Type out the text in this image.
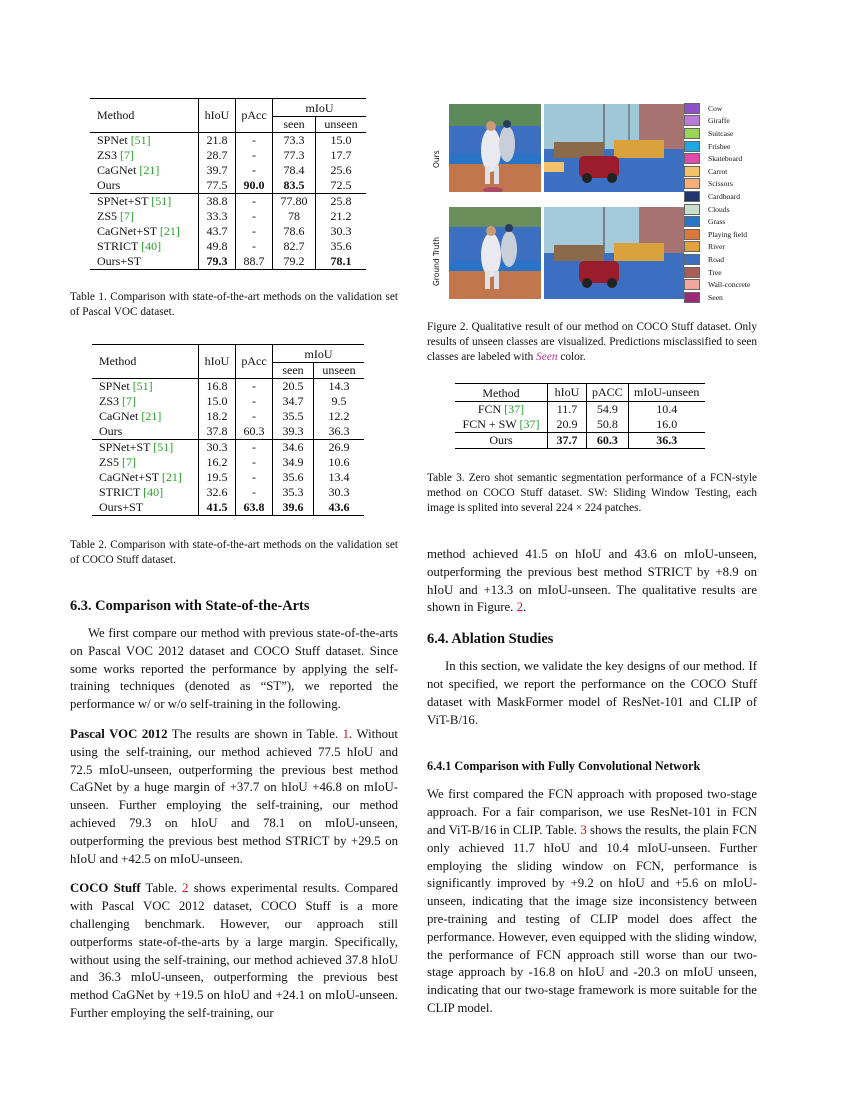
Method	hIoU	pAcc	mIoU	
			seen	unseen
SPNet [51]	21.8	-	73.3	15.0
ZS3 [7]	28.7	-	77.3	17.7
CaGNet [21]	39.7	-	78.4	25.6
Ours	77.5	90.0	83.5	72.5
SPNet+ST [51]	38.8	-	77.80	25.8
ZS5 [7]	33.3	-	78	21.2
CaGNet+ST [21]	43.7	-	78.6	30.3
STRICT [40]	49.8	-	82.7	35.6
Ours+ST	79.3	88.7	79.2	78.1
Table 1. Comparison with state-of-the-art methods on the validation set of Pascal VOC dataset.
Method	hIoU	pAcc	mIoU	
			seen	unseen
SPNet [51]	16.8	-	20.5	14.3
ZS3 [7]	15.0	-	34.7	9.5
CaGNet [21]	18.2	-	35.5	12.2
Ours	37.8	60.3	39.3	36.3
SPNet+ST [51]	30.3	-	34.6	26.9
ZS5 [7]	16.2	-	34.9	10.6
CaGNet+ST [21]	19.5	-	35.6	13.4
STRICT [40]	32.6	-	35.3	30.3
Ours+ST	41.5	63.8	39.6	43.6
Table 2. Comparison with state-of-the-art methods on the validation set of COCO Stuff dataset.
6.3. Comparison with State-of-the-Arts

We first compare our method with previous state-of-the-arts on Pascal VOC 2012 dataset and COCO Stuff dataset. Since some works reported the performance by applying the self-training techniques (denoted as “ST”), we reported the performance w/ or w/o self-training in the following.

Pascal VOC 2012 The results are shown in Table. 1. Without using the self-training, our method achieved 77.5 hIoU and 72.5 mIoU-unseen, outperforming the previous best method CaGNet by a huge margin of +37.7 on hIoU +46.8 on mIoU-unseen. Further employing the self-training, our method achieved 79.3 on hIoU and 78.1 on mIoU-unseen, outperforming the previous best method STRICT by +29.5 on hIoU and +42.5 on mIoU-unseen.

COCO Stuff Table. 2 shows experimental results. Compared with Pascal VOC 2012 dataset, COCO Stuff is a more challenging benchmark. However, our approach still outperforms state-of-the-arts by a large margin. Specifically, without using the self-training, our method achieved 37.8 hIoU and 36.3 mIoU-unseen, outperforming the previous best method CaGNet by +19.5 on hIoU and +24.1 on mIoU-unseen. Further employing the self-training, our

Ours
Ground Truth
Cow
Giraffe
Suitcase
Frisbee
Skateboard
Carrot
Scissors
Cardboard
Clouds
Grass
Playing field
River
Road
Tree
Wall-concrete
Seen
Figure 2. Qualitative result of our method on COCO Stuff dataset. Only results of unseen classes are visualized. Predictions misclassified to seen classes are labeled with Seen color.
Method	hIoU	pACC	mIoU-unseen
FCN [37]	11.7	54.9	10.4
FCN + SW [37]	20.9	50.8	16.0
Ours	37.7	60.3	36.3
Table 3. Zero shot semantic segmentation performance of a FCN-style method on COCO Stuff dataset. SW: Sliding Window Testing, each image is splited into several 224 × 224 patches.

method achieved 41.5 on hIoU and 43.6 on mIoU-unseen, outperforming the previous best method STRICT by +8.9 on hIoU and +13.3 on mIoU-unseen. The qualitative results are shown in Figure. 2.

6.4. Ablation Studies

In this section, we validate the key designs of our method. If not specified, we report the performance on the COCO Stuff dataset with MaskFormer model of ResNet-101 and CLIP of ViT-B/16.

6.4.1 Comparison with Fully Convolutional Network

We first compared the FCN approach with proposed two-stage approach. For a fair comparison, we use ResNet-101 in FCN and ViT-B/16 in CLIP. Table. 3 shows the results, the plain FCN only achieved 11.7 hIoU and 10.4 mIoU-unseen. Further employing the sliding window on FCN, performance is significantly improved by +9.2 on hIoU and +5.6 on mIoU-unseen, indicating that the image size inconsistency between pre-training and testing of CLIP model does affect the performance. However, even equipped with the sliding window, the performance of FCN approach still worse than our two-stage approach by -16.8 on hIoU and -20.3 on mIoU unseen, indicating that our two-stage framework is more suitable for the CLIP model.
